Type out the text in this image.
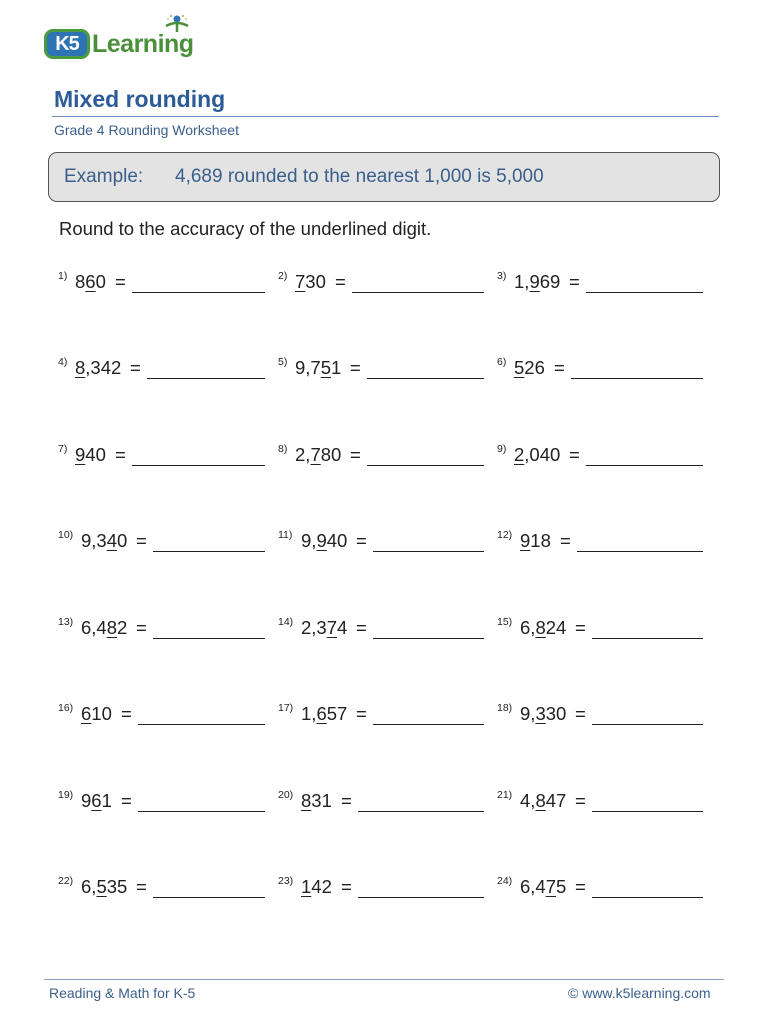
K5 Learning
Mixed rounding
Grade 4 Rounding Worksheet
Example:	4,689 rounded to the nearest 1,000 is 5,000
Round to the accuracy of the underlined digit.
1) 860 =	2) 730 =	3) 1,969 =
4) 8,342 =	5) 9,751 =	6) 526 =
7) 940 =	8) 2,780 =	9) 2,040 =
10) 9,340 =	11) 9,940 =	12) 918 =
13) 6,482 =	14) 2,374 =	15) 6,824 =
16) 610 =	17) 1,657 =	18) 9,330 =
19) 961 =	20) 831 =	21) 4,847 =
22) 6,535 =	23) 142 =	24) 6,475 =
Reading & Math for K-5	© www.k5learning.com
